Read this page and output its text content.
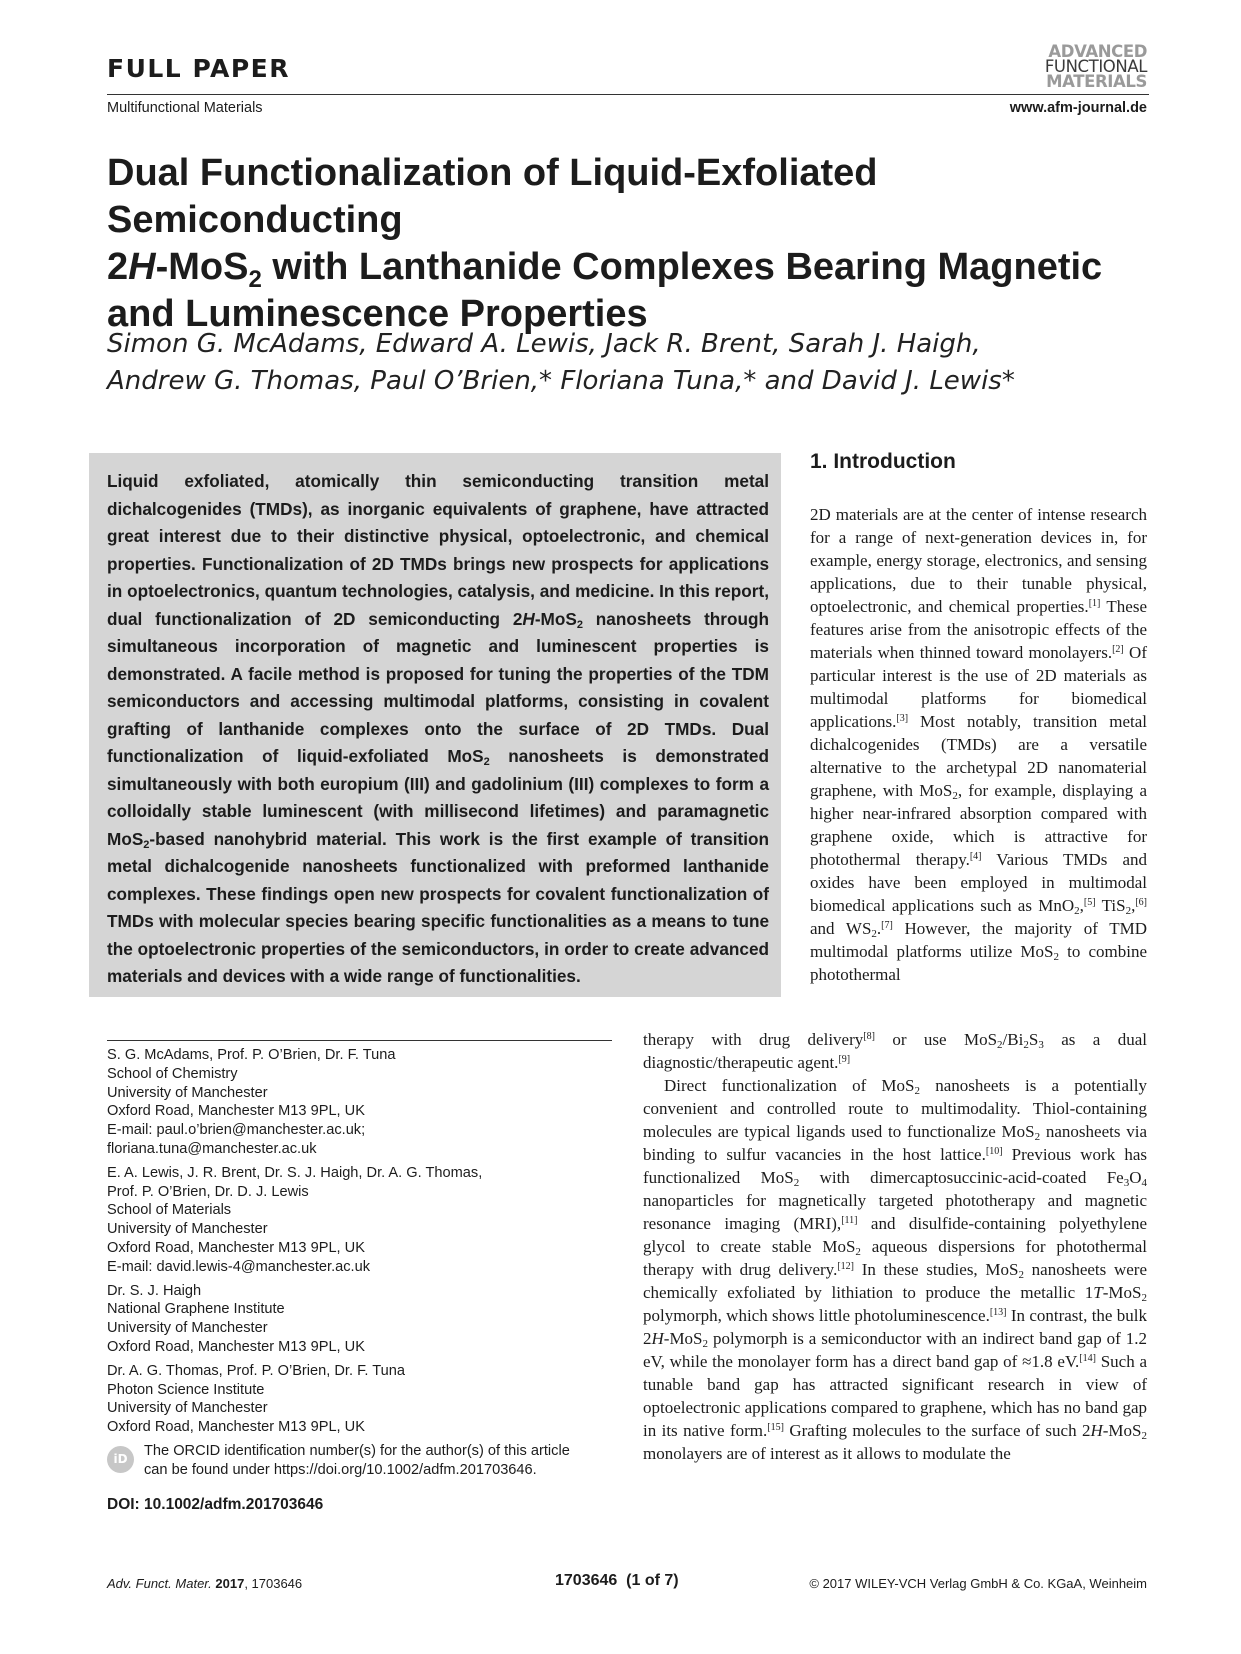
FULL PAPER
ADVANCED
FUNCTIONAL
MATERIALS
Multifunctional Materials	www.afm-journal.de
Dual Functionalization of Liquid-Exfoliated Semiconducting
2H-MoS$_2$ with Lanthanide Complexes Bearing Magnetic
and Luminescence Properties
Simon G. McAdams, Edward A. Lewis, Jack R. Brent, Sarah J. Haigh,
Andrew G. Thomas, Paul O’Brien,* Floriana Tuna,* and David J. Lewis*
Liquid exfoliated, atomically thin semiconducting transition metal dichalcogenides (TMDs), as inorganic equivalents of graphene, have attracted great interest due to their distinctive physical, optoelectronic, and chemical properties. Functionalization of 2D TMDs brings new prospects for applications in optoelectronics, quantum technologies, catalysis, and medicine. In this report, dual functionalization of 2D semiconducting 2H-MoS$_2$ nanosheets through simultaneous incorporation of magnetic and luminescent properties is demonstrated. A facile method is proposed for tuning the properties of the TDM semiconductors and accessing multimodal platforms, consisting in covalent grafting of lanthanide complexes onto the surface of 2D TMDs. Dual functionalization of liquid-exfoliated MoS$_2$ nanosheets is demonstrated simultaneously with both europium (III) and gadolinium (III) complexes to form a colloidally stable luminescent (with millisecond lifetimes) and paramagnetic MoS$_2$-based nanohybrid material. This work is the first example of transition metal dichalcogenide nanosheets functionalized with preformed lanthanide complexes. These findings open new prospects for covalent functionalization of TMDs with molecular species bearing specific functionalities as a means to tune the optoelectronic properties of the semiconductors, in order to create advanced materials and devices with a wide range of functionalities.
1. Introduction
2D materials are at the center of intense research for a range of next-generation devices in, for example, energy storage, electronics, and sensing applications, due to their tunable physical, optoelectronic, and chemical properties.[1] These features arise from the anisotropic effects of the materials when thinned toward monolayers.[2] Of particular interest is the use of 2D materials as multimodal platforms for biomedical applications.[3] Most notably, transition metal dichalcogenides (TMDs) are a versatile alternative to the archetypal 2D nanomaterial graphene, with MoS$_2$, for example, displaying a higher near-infrared absorption compared with graphene oxide, which is attractive for photothermal therapy.[4] Various TMDs and oxides have been employed in multimodal biomedical applications such as MnO$_2$,[5] TiS$_2$,[6] and $WS_2.[7]$ However, the majority of TMD multimodal platforms utilize MoS$_2$ to combine photothermal

therapy with drug delivery[8] or use $MoS_2/Bi_2S_3$ as a dual diagnostic/therapeutic agent.[9]

Direct functionalization of MoS$_2$ nanosheets is a potentially convenient and controlled route to multimodality. Thiol-containing molecules are typical ligands used to functionalize MoS$_2$ nanosheets via binding to sulfur vacancies in the host lattice.[10] Previous work has functionalized MoS$_2$ with dimercaptosuccinic-acid-coated $Fe_3O_4$ nanoparticles for magnetically targeted phototherapy and magnetic resonance imaging (MRI),[11] and disulfide-containing polyethylene glycol to create stable MoS$_2$ aqueous dispersions for photothermal therapy with drug delivery.[12] In these studies, MoS$_2$ nanosheets were chemically exfoliated by lithiation to produce the metallic 1T-MoS$_2$ polymorph, which shows little photoluminescence.[13] In contrast, the bulk 2H-MoS$_2$ polymorph is a semiconductor with an indirect band gap of 1.2 eV, while the monolayer form has a direct band gap of ≈1.8 eV.[14] Such a tunable band gap has attracted significant research in view of optoelectronic applications compared to graphene, which has no band gap in its native form.[15] Grafting molecules to the surface of such 2H-MoS$_2$ monolayers are of interest as it allows to modulate the

S. G. McAdams, Prof. P. O’Brien, Dr. F. Tuna
School of Chemistry
University of Manchester
Oxford Road, Manchester M13 9PL, UK
E-mail: paul.o’brien@manchester.ac.uk;
floriana.tuna@manchester.ac.uk
E. A. Lewis, J. R. Brent, Dr. S. J. Haigh, Dr. A. G. Thomas,
Prof. P. O’Brien, Dr. D. J. Lewis
School of Materials
University of Manchester
Oxford Road, Manchester M13 9PL, UK
E-mail: david.lewis-4@manchester.ac.uk
Dr. S. J. Haigh
National Graphene Institute
University of Manchester
Oxford Road, Manchester M13 9PL, UK
Dr. A. G. Thomas, Prof. P. O’Brien, Dr. F. Tuna
Photon Science Institute
University of Manchester
Oxford Road, Manchester M13 9PL, UK
iD	The ORCID identification number(s) for the author(s) of this article
can be found under https://doi.org/10.1002/adfm.201703646.
DOI: 10.1002/adfm.201703646
Adv. Funct. Mater. 2017, 1703646	1703646  (1 of 7)	© 2017 WILEY-VCH Verlag GmbH & Co. KGaA, Weinheim
